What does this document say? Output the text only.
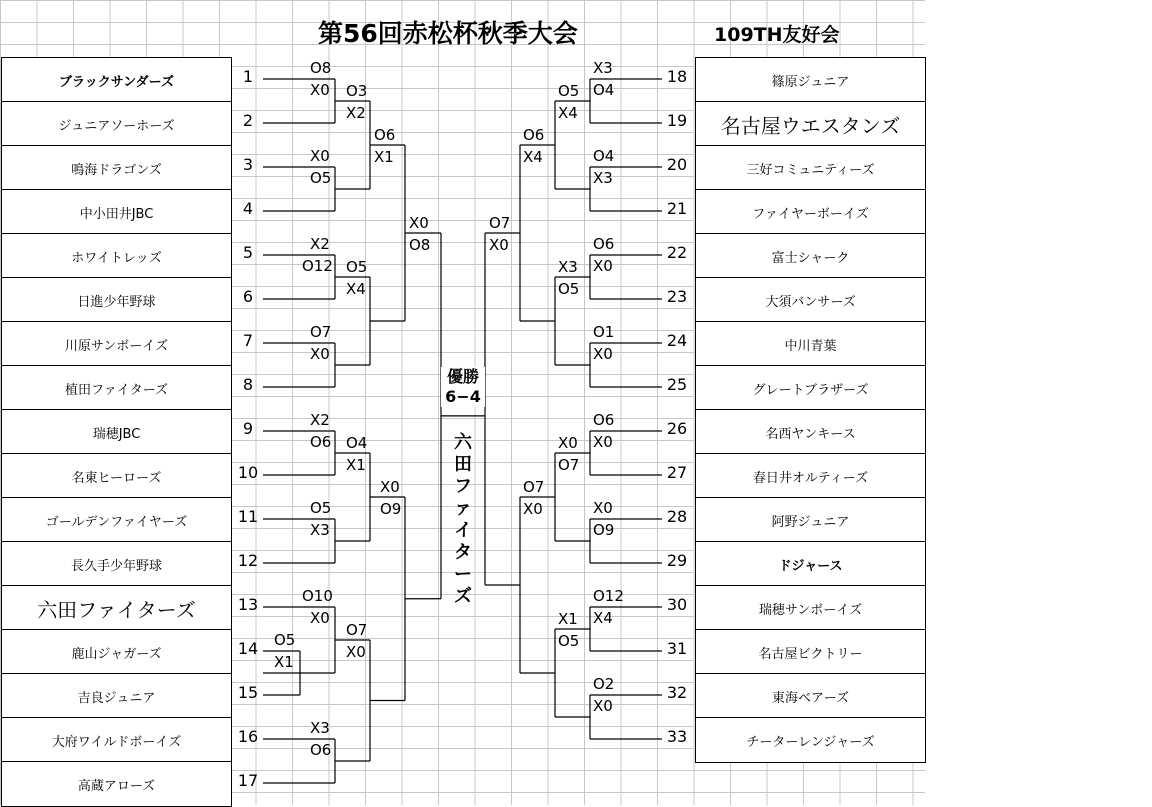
第56回赤松杯秋季大会	109TH友好会
ブラックサンダーズ	1
ジュニアソーホーズ	2
鳴海ドラゴンズ	3
中小田井JBC	4
ホワイトレッズ	5
日進少年野球	6
川原サンボーイズ	7
植田ファイターズ	8
瑞穂JBC	9
名東ヒーローズ	10
ゴールデンファイヤーズ	11
長久手少年野球	12
六田ファイターズ	13
鹿山ジャガーズ	14
吉良ジュニア	15
大府ワイルドボーイズ	16
高蔵アローズ	17
篠原ジュニア
18
名古屋ウエスタンズ
19
三好コミュニティーズ
20
ファイヤーボーイズ
21
富士シャーク
22
大須バンサーズ
23
中川青葉
24
グレートブラザーズ
25
名西ヤンキース
26
春日井オルティーズ
27
阿野ジュニア
28
ドジャース
29
瑞穂サンボーイズ
30
名古屋ビクトリー
31
東海ベアーズ
32
チーターレンジャーズ
33
O8
X0
X0
O5
X2
O12
O7
X0
X2
O6
O5
X3
O10
X0
O5
X1
X3
O6
O3
X2
O5
X4
O4
X1
O7
X0
O6
X1
X0
O9
X0
O8
X3
O4
O4
X3
O6
X0
O1
X0
O6
X0
X0
O9
O12
X4
O2
X0
O5
X4
X3
O5
X0
O7
X1
O5
O6
X4
O7
X0
O7
X0
優勝
6−4
六
田
フ
ァ
イ
タ
ー
ズ
